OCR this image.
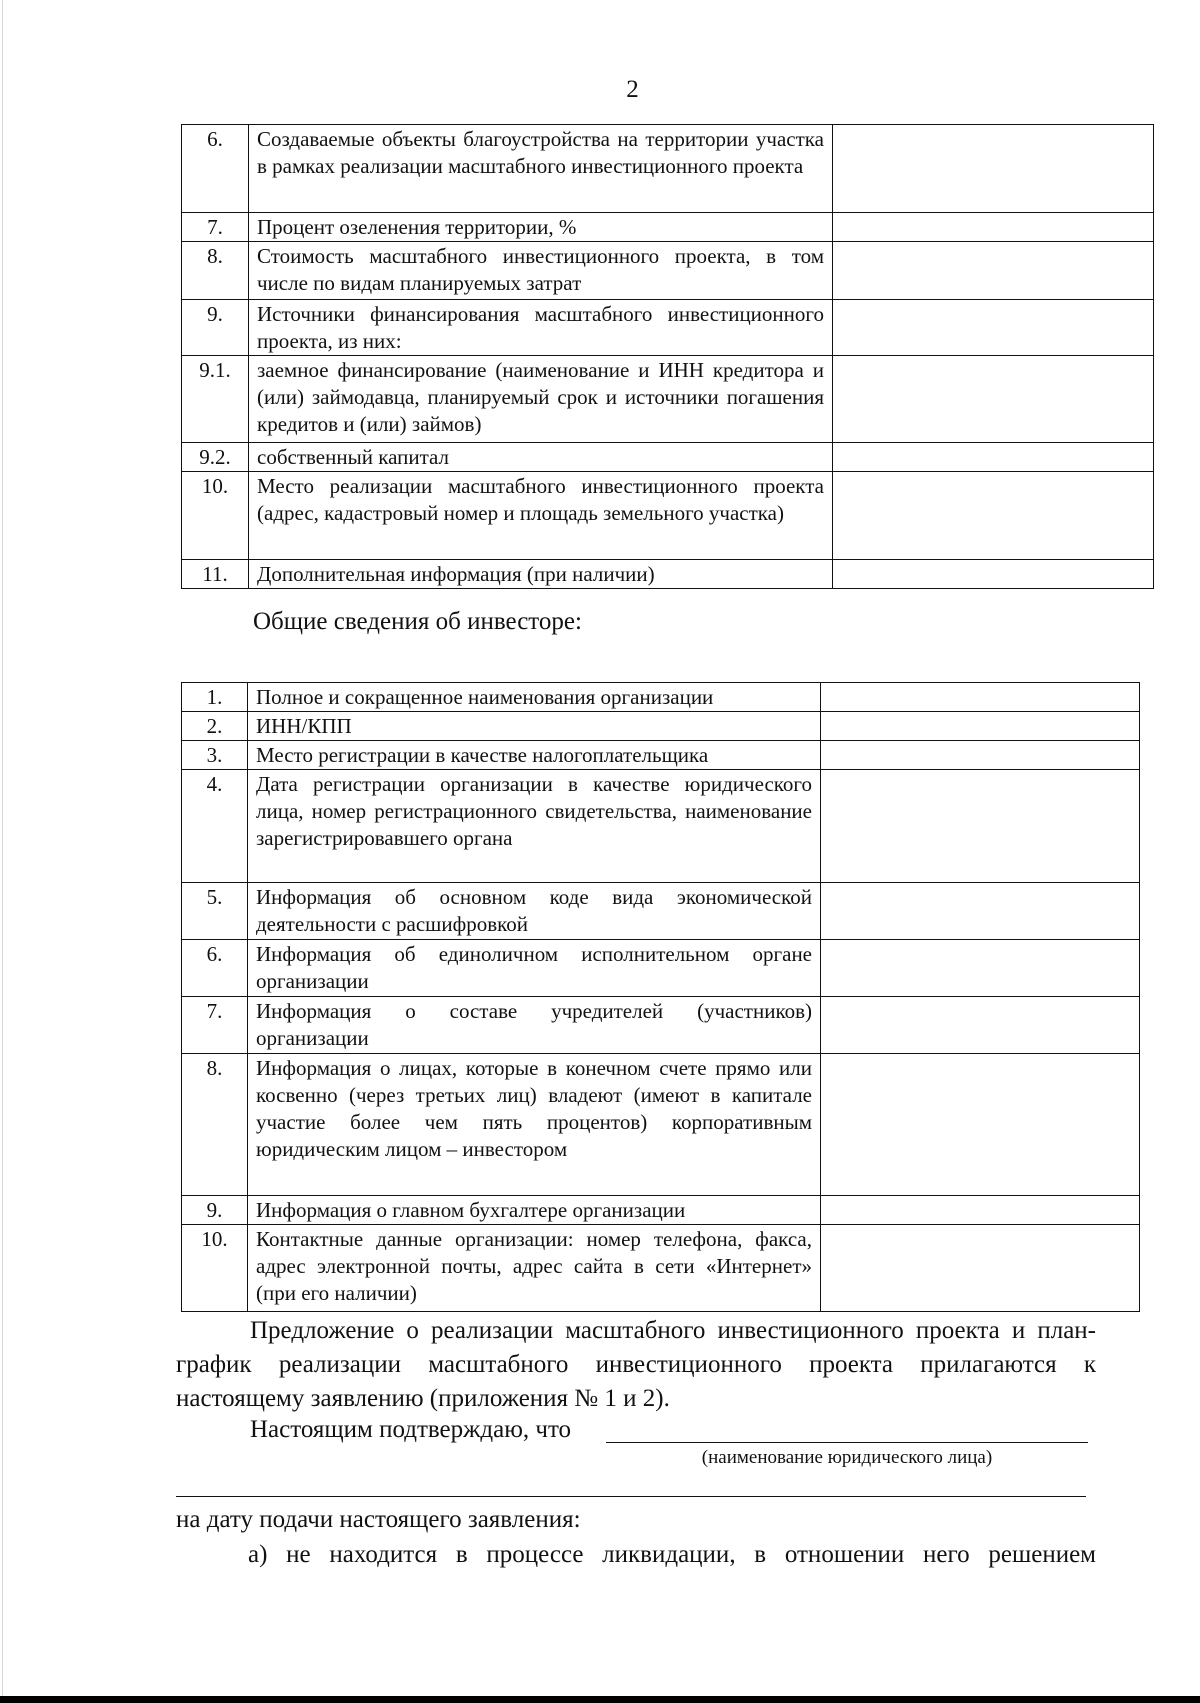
2
6.	Создаваемые объекты благоустройства на территории участка в рамках реализации масштабного инвестиционного проекта	
7.	Процент озеленения территории, %	
8.	Стоимость масштабного инвестиционного проекта, в том числе по видам планируемых затрат	
9.	Источники финансирования масштабного инвестиционного проекта, из них:	
9.1.	заемное финансирование (наименование и ИНН кредитора и (или) займодавца, планируемый срок и источники погашения кредитов и (или) займов)	
9.2.	собственный капитал	
10.	Место реализации масштабного инвестиционного проекта (адрес, кадастровый номер и площадь земельного участка)	
11.	Дополнительная информация (при наличии)	
Общие сведения об инвесторе:
1.	Полное и сокращенное наименования организации	
2.	ИНН/КПП	
3.	Место регистрации в качестве налогоплательщика	
4.	Дата регистрации организации в качестве юридического лица, номер регистрационного свидетельства, наименование зарегистрировавшего органа	
5.	Информация об основном коде вида экономической деятельности с расшифровкой	
6.	Информация об единоличном исполнительном органе организации	
7.	Информация о составе учредителей (участников) организации	
8.	Информация о лицах, которые в конечном счете прямо или косвенно (через третьих лиц) владеют (имеют в капитале участие более чем пять процентов) корпоративным юридическим лицом – инвестором	
9.	Информация о главном бухгалтере организации	
10.	Контактные данные организации: номер телефона, факса, адрес электронной почты, адрес сайта в сети «Интернет» (при его наличии)	
Предложение о реализации масштабного инвестиционного проекта и план-график реализации масштабного инвестиционного проекта прилагаются к настоящему заявлению (приложения № 1 и 2).
Настоящим подтверждаю, что
(наименование юридического лица)
на дату подачи настоящего заявления:
а) не находится в процессе ликвидации, в отношении него решением
